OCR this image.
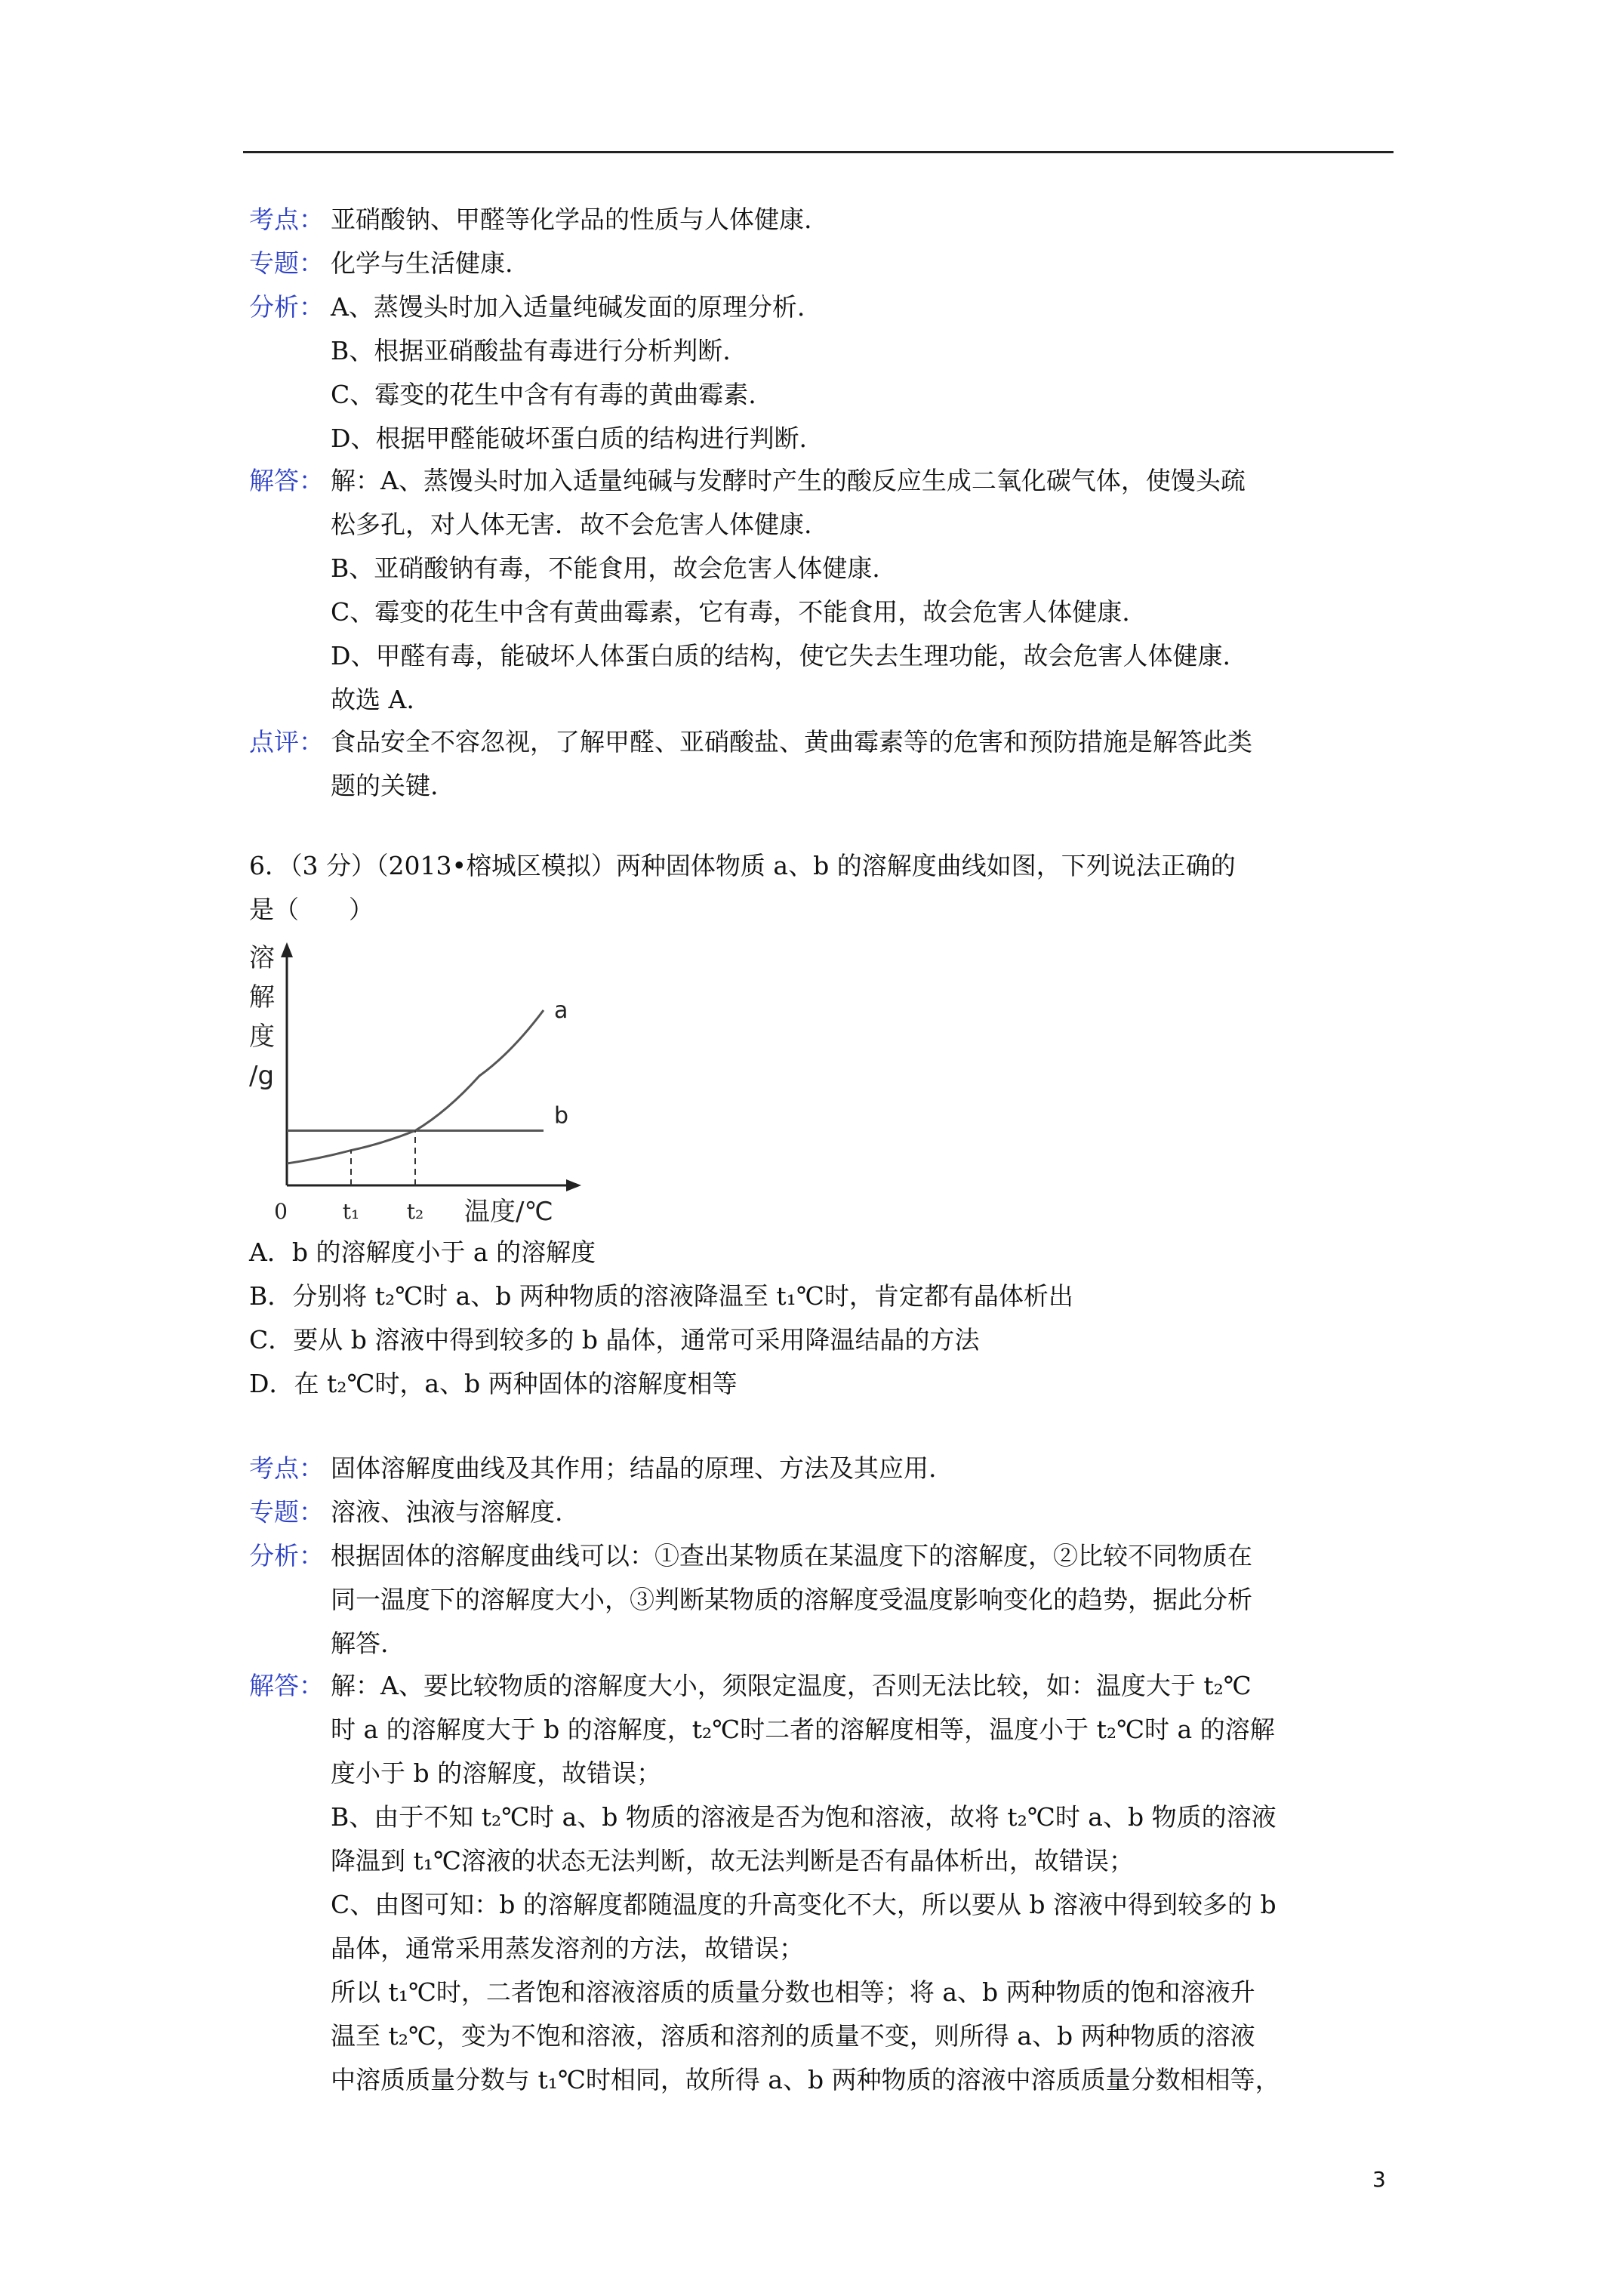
考点： 亚硝酸钠、甲醛等化学品的性质与人体健康.
专题： 化学与生活健康.
分析： A、蒸馒头时加入适量纯碱发面的原理分析.
B、根据亚硝酸盐有毒进行分析判断.
C、霉变的花生中含有有毒的黄曲霉素.
D、根据甲醛能破坏蛋白质的结构进行判断.
解答： 解：A、蒸馒头时加入适量纯碱与发酵时产生的酸反应生成二氧化碳气体，使馒头疏
松多孔，对人体无害．故不会危害人体健康.
B、亚硝酸钠有毒，不能食用，故会危害人体健康.
C、霉变的花生中含有黄曲霉素，它有毒，不能食用，故会危害人体健康.
D、甲醛有毒，能破坏人体蛋白质的结构，使它失去生理功能，故会危害人体健康.
故选 A.
点评： 食品安全不容忽视，了解甲醛、亚硝酸盐、黄曲霉素等的危害和预防措施是解答此类
题的关键.
6．（3 分）（2013•榕城区模拟）两种固体物质 a、b 的溶解度曲线如图，下列说法正确的
是（　　）
a
b
0	t₁ t₂ 温度/℃
溶
解
度
/g
A．b 的溶解度小于 a 的溶解度
B．分别将 t₂℃时 a、b 两种物质的溶液降温至 t₁℃时，肯定都有晶体析出
C．要从 b 溶液中得到较多的 b 晶体，通常可采用降温结晶的方法
D．在 t₂℃时，a、b 两种固体的溶解度相等
考点： 固体溶解度曲线及其作用；结晶的原理、方法及其应用.
专题： 溶液、浊液与溶解度.
分析： 根据固体的溶解度曲线可以：①查出某物质在某温度下的溶解度，②比较不同物质在
同一温度下的溶解度大小，③判断某物质的溶解度受温度影响变化的趋势，据此分析
解答.
解答： 解：A、要比较物质的溶解度大小，须限定温度，否则无法比较，如：温度大于 t₂℃
时 a 的溶解度大于 b 的溶解度，t₂℃时二者的溶解度相等，温度小于 t₂℃时 a 的溶解
度小于 b 的溶解度，故错误；
B、由于不知 t₂℃时 a、b 物质的溶液是否为饱和溶液，故将 t₂℃时 a、b 物质的溶液
降温到 t₁℃溶液的状态无法判断，故无法判断是否有晶体析出，故错误；
C、由图可知：b 的溶解度都随温度的升高变化不大，所以要从 b 溶液中得到较多的 b
晶体，通常采用蒸发溶剂的方法，故错误；
所以 t₁℃时，二者饱和溶液溶质的质量分数也相等；将 a、b 两种物质的饱和溶液升
温至 t₂℃，变为不饱和溶液，溶质和溶剂的质量不变，则所得 a、b 两种物质的溶液
中溶质质量分数与 t₁℃时相同，故所得 a、b 两种物质的溶液中溶质质量分数相相等，
3
